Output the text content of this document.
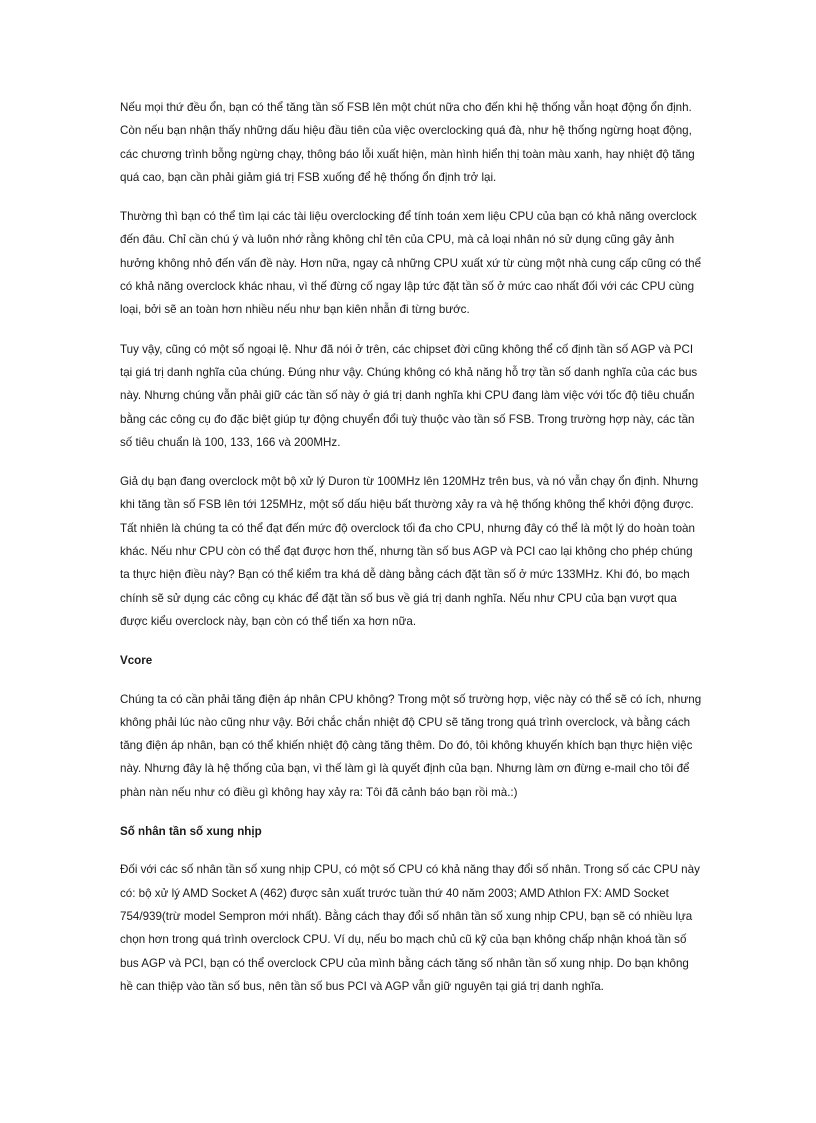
Nếu mọi thứ đều ổn, bạn có thể tăng tần số FSB lên một chút nữa cho đến khi hệ thống vẫn hoạt động ổn định. Còn nếu bạn nhận thấy những dấu hiệu đầu tiên của việc overclocking quá đà, như hệ thống ngừng hoạt động, các chương trình bỗng ngừng chạy, thông báo lỗi xuất hiện, màn hình hiển thị toàn màu xanh, hay nhiệt độ tăng quá cao, bạn cần phải giảm giá trị FSB xuống để hệ thống ổn định trở lại.

Thường thì bạn có thể tìm lại các tài liệu overclocking để tính toán xem liệu CPU của bạn có khả năng overclock đến đâu. Chỉ cần chú ý và luôn nhớ rằng không chỉ tên của CPU, mà cả loại nhân nó sử dụng cũng gây ảnh hưởng không nhỏ đến vấn đề này. Hơn nữa, ngay cả những CPU xuất xứ từ cùng một nhà cung cấp cũng có thể có khả năng overclock khác nhau, vì thế đừng cố ngay lập tức đặt tần số ở mức cao nhất đối với các CPU cùng loại, bởi sẽ an toàn hơn nhiều nếu như bạn kiên nhẫn đi từng bước.

Tuy vậy, cũng có một số ngoại lệ. Như đã nói ở trên, các chipset đời cũng không thể cố định tần số AGP và PCI tại giá trị danh nghĩa của chúng. Đúng như vậy. Chúng không có khả năng hỗ trợ tần số danh nghĩa của các bus này. Nhưng chúng vẫn phải giữ các tần số này ở giá trị danh nghĩa khi CPU đang làm việc với tốc độ tiêu chuẩn bằng các công cụ đo đặc biệt giúp tự động chuyển đổi tuỳ thuộc vào tần số FSB. Trong trường hợp này, các tần số tiêu chuẩn là 100, 133, 166 và 200MHz.

Giả dụ bạn đang overclock một bộ xử lý Duron từ 100MHz lên 120MHz trên bus, và nó vẫn chạy ổn định. Nhưng khi tăng tần số FSB lên tới 125MHz, một số dấu hiệu bất thường xảy ra và hệ thống không thể khởi động được. Tất nhiên là chúng ta có thể đạt đến mức độ overclock tối đa cho CPU, nhưng đây có thể là một lý do hoàn toàn khác. Nếu như CPU còn có thể đạt được hơn thế, nhưng tần số bus AGP và PCI cao lại không cho phép chúng ta thực hiện điều này? Bạn có thể kiểm tra khá dễ dàng bằng cách đặt tần số ở mức 133MHz. Khi đó, bo mạch chính sẽ sử dụng các công cụ khác để đặt tần số bus về giá trị danh nghĩa. Nếu như CPU của bạn vượt qua được kiểu overclock này, bạn còn có thể tiến xa hơn nữa.

Vcore

Chúng ta có cần phải tăng điện áp nhân CPU không? Trong một số trường hợp, việc này có thể sẽ có ích, nhưng không phải lúc nào cũng như vậy. Bởi chắc chắn nhiệt độ CPU sẽ tăng trong quá trình overclock, và bằng cách tăng điện áp nhân, bạn có thể khiến nhiệt độ càng tăng thêm. Do đó, tôi không khuyến khích bạn thực hiện việc này. Nhưng đây là hệ thống của bạn, vì thế làm gì là quyết định của bạn. Nhưng làm ơn đừng e-mail cho tôi để phàn nàn nếu như có điều gì không hay xảy ra: Tôi đã cảnh báo bạn rồi mà.:)

Số nhân tần số xung nhịp

Đối với các số nhân tần số xung nhịp CPU, có một số CPU có khả năng thay đổi số nhân. Trong số các CPU này có: bộ xử lý AMD Socket A (462) được sản xuất trước tuần thứ 40 năm 2003; AMD Athlon FX: AMD Socket 754/939(trừ model Sempron mới nhất). Bằng cách thay đổi số nhân tần số xung nhịp CPU, bạn sẽ có nhiều lựa chọn hơn trong quá trình overclock CPU. Ví dụ, nếu bo mạch chủ cũ kỹ của bạn không chấp nhận khoá tần số bus AGP và PCI, bạn có thể overclock CPU của mình bằng cách tăng số nhân tần số xung nhịp. Do bạn không hề can thiệp vào tần số bus, nên tần số bus PCI và AGP vẫn giữ nguyên tại giá trị danh nghĩa.
